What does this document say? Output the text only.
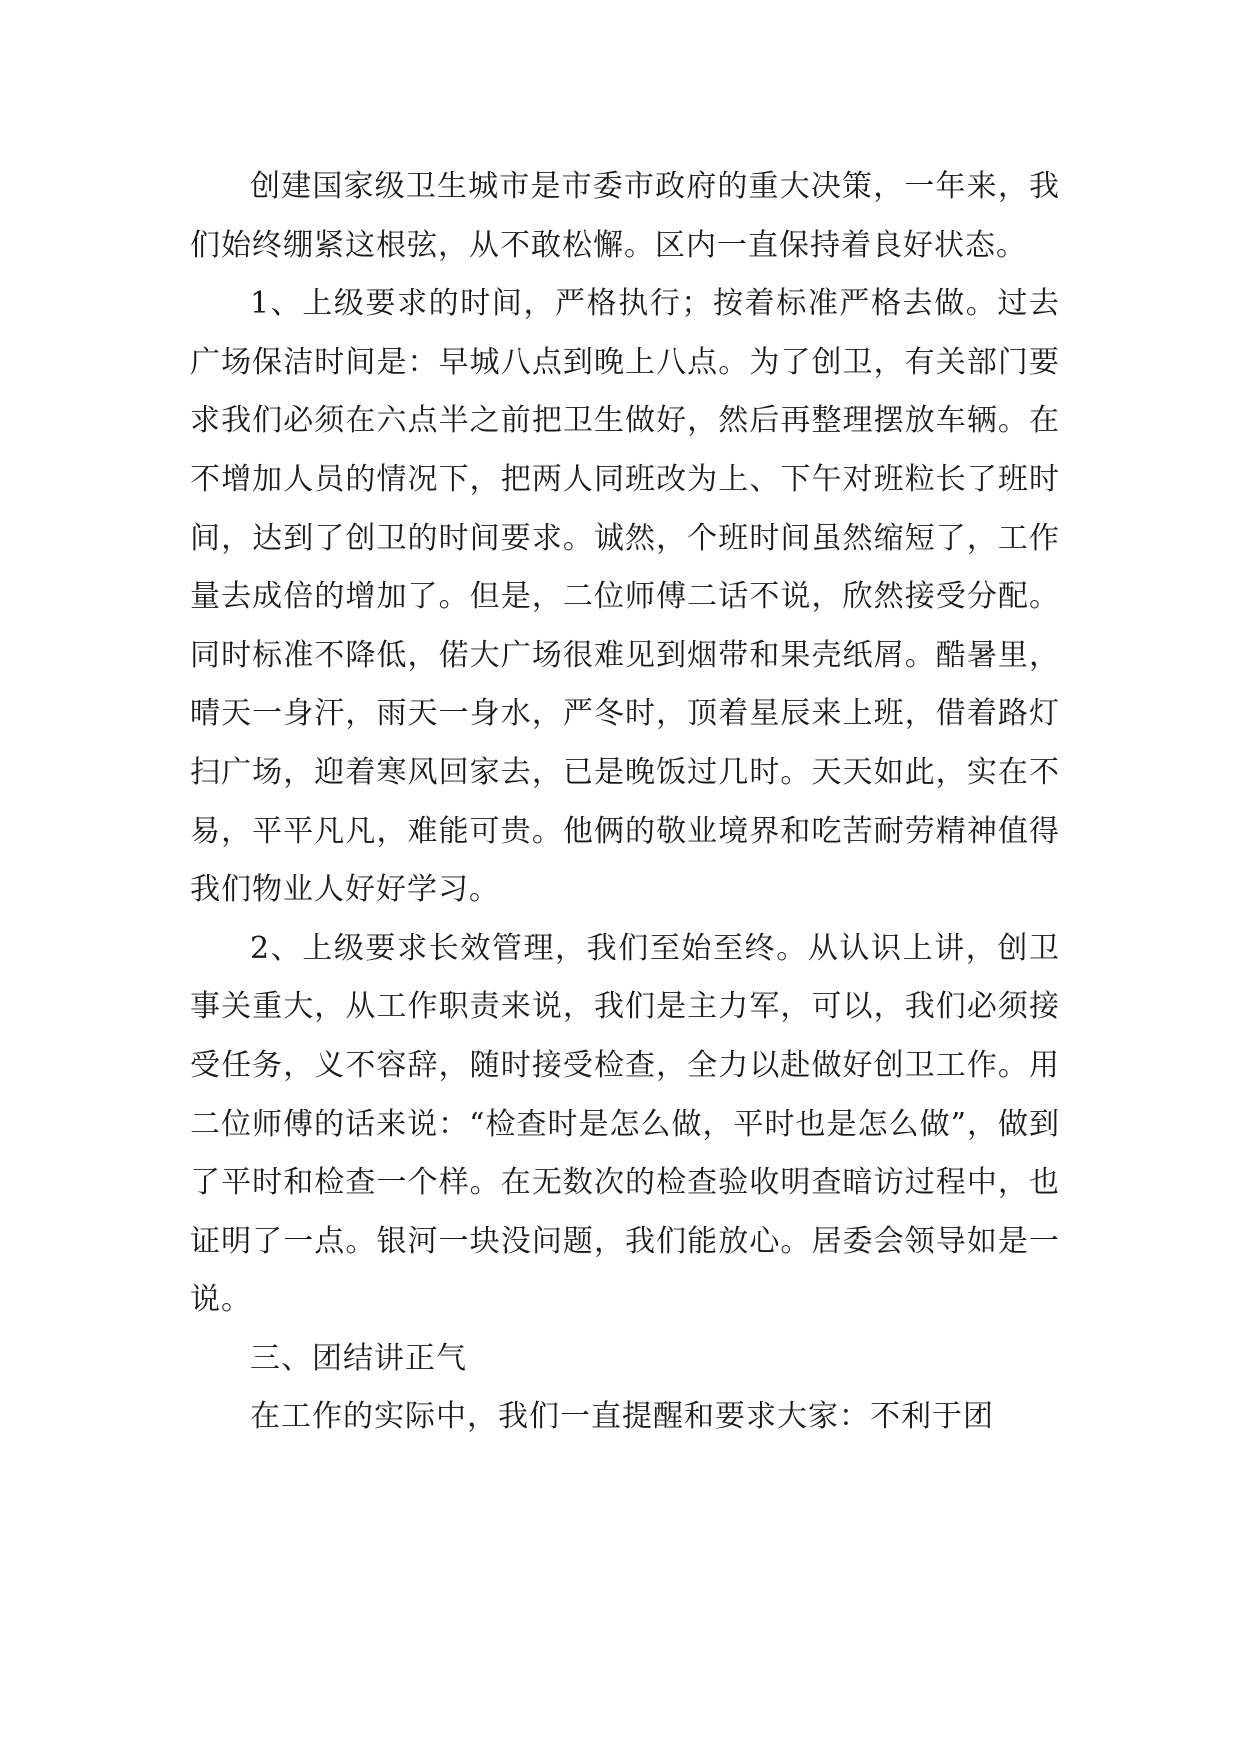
创建国家级卫生城市是市委市政府的重大决策，一年来，我们始终绷紧这根弦，从不敢松懈。区内一直保持着良好状态。

1、上级要求的时间，严格执行；按着标准严格去做。过去广场保洁时间是：早城八点到晚上八点。为了创卫，有关部门要求我们必须在六点半之前把卫生做好，然后再整理摆放车辆。在不增加人员的情况下，把两人同班改为上、下午对班粒长了班时间，达到了创卫的时间要求。诚然，个班时间虽然缩短了，工作量去成倍的增加了。但是，二位师傅二话不说，欣然接受分配。同时标准不降低，偌大广场很难见到烟带和果壳纸屑。酷暑里，晴天一身汗，雨天一身水，严冬时，顶着星辰来上班，借着路灯扫广场，迎着寒风回家去，已是晚饭过几时。天天如此，实在不易，平平凡凡，难能可贵。他俩的敬业境界和吃苦耐劳精神值得我们物业人好好学习。

2、上级要求长效管理，我们至始至终。从认识上讲，创卫事关重大，从工作职责来说，我们是主力军，可以，我们必须接受任务，义不容辞，随时接受检查，全力以赴做好创卫工作。用二位师傅的话来说：“检查时是怎么做，平时也是怎么做”，做到了平时和检查一个样。在无数次的检查验收明查暗访过程中，也证明了一点。银河一块没问题，我们能放心。居委会领导如是一说。

三、团结讲正气

在工作的实际中，我们一直提醒和要求大家：不利于团
